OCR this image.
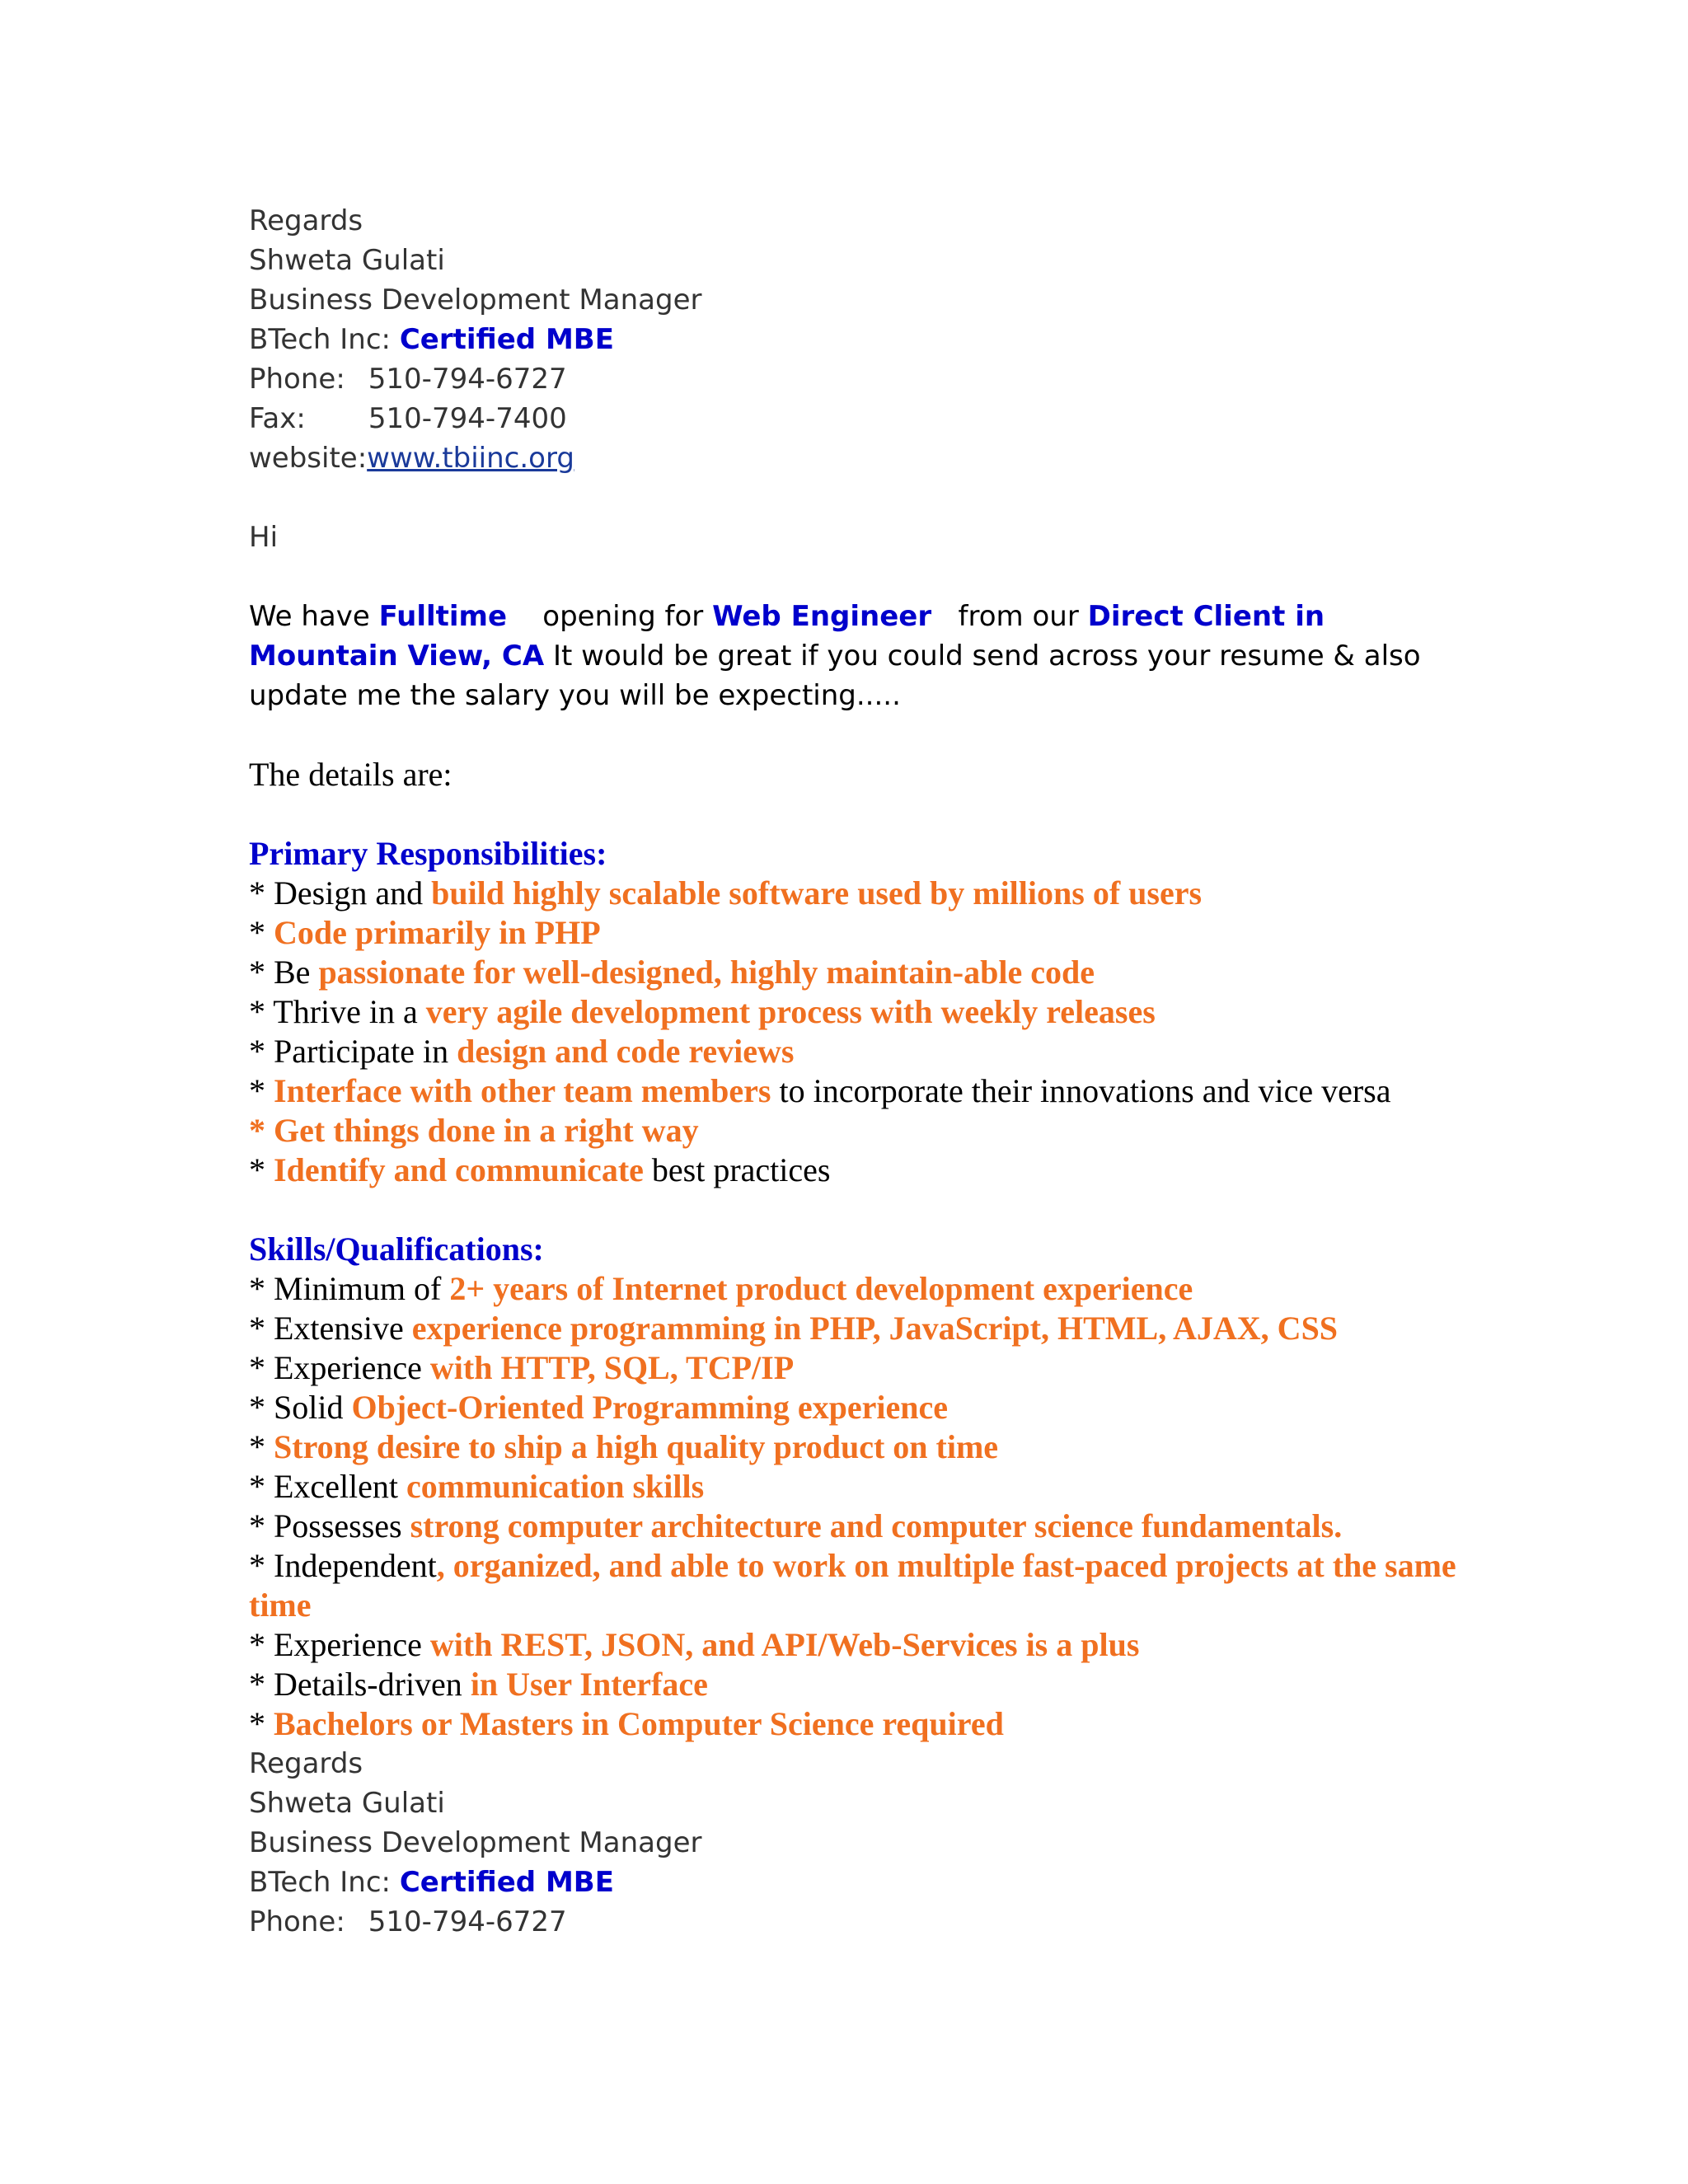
Regards
Shweta Gulati
Business Development Manager
BTech Inc: Certified MBE
Phone: 510-794-6727
Fax: 510-794-7400
website:www.tbiinc.org
Hi
We have Fulltime    opening for Web Engineer   from our Direct Client in Mountain View, CA It would be great if you could send across your resume & also update me the salary you will be expecting.....
The details are:
Primary Responsibilities:
* Design and build highly scalable software used by millions of users
* Code primarily in PHP
* Be passionate for well-designed, highly maintain-able code
* Thrive in a very agile development process with weekly releases
* Participate in design and code reviews
* Interface with other team members to incorporate their innovations and vice versa
* Get things done in a right way
* Identify and communicate best practices
Skills/Qualifications:
* Minimum of 2+ years of Internet product development experience
* Extensive experience programming in PHP, JavaScript, HTML, AJAX, CSS
* Experience with HTTP, SQL, TCP/IP
* Solid Object-Oriented Programming experience
* Strong desire to ship a high quality product on time
* Excellent communication skills
* Possesses strong computer architecture and computer science fundamentals.
* Independent, organized, and able to work on multiple fast-paced projects at the same time
* Experience with REST, JSON, and API/Web-Services is a plus
* Details-driven in User Interface
* Bachelors or Masters in Computer Science required
Regards
Shweta Gulati
Business Development Manager
BTech Inc: Certified MBE
Phone: 510-794-6727
